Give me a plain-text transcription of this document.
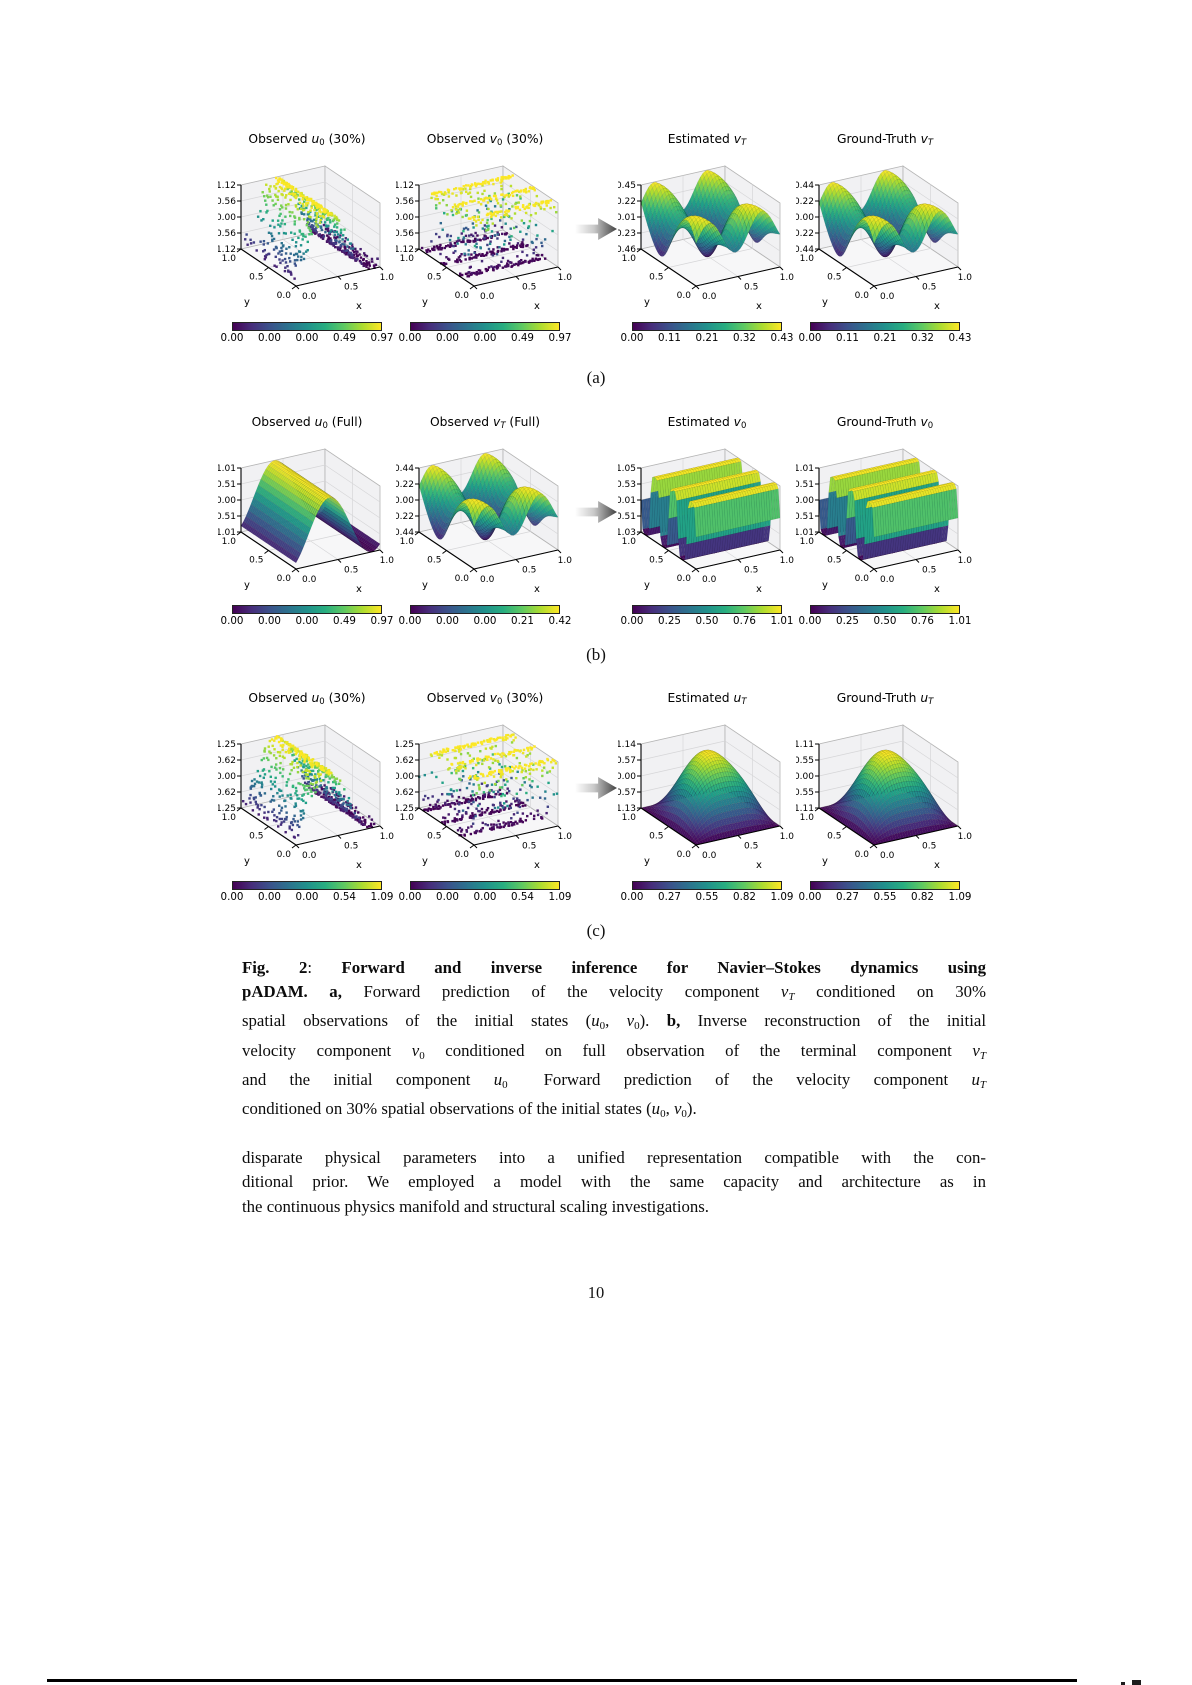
Observed u0 (30%)
0.00 0.00 0.00 0.49 0.97
Observed v0 (30%)
0.00 0.00 0.00 0.49 0.97
Estimated vT
0.00 0.11 0.21 0.32 0.43
Ground-Truth vT
0.00 0.11 0.21 0.32 0.43
(a)
Observed u0 (Full)
0.00 0.00 0.00 0.49 0.97
Observed vT (Full)
0.00 0.00 0.00 0.21 0.42
Estimated v0
0.00 0.25 0.50 0.76 1.01
Ground-Truth v0
0.00 0.25 0.50 0.76 1.01
(b)
Observed u0 (30%)
0.00 0.00 0.00 0.54 1.09
Observed v0 (30%)
0.00 0.00 0.00 0.54 1.09
Estimated uT
0.00 0.27 0.55 0.82 1.09
Ground-Truth uT
0.00 0.27 0.55 0.82 1.09
(c)
Fig. 2: Forward and inverse inference for Navier–Stokes dynamics using
pADAM. a, Forward prediction of the velocity component vT conditioned on 30%
spatial observations of the initial states (u0, v0). b, Inverse reconstruction of the initial
velocity component v0 conditioned on full observation of the terminal component vT
and the initial component u0 Forward prediction of the velocity component uT
conditioned on 30% spatial observations of the initial states (u0, v0).
disparate physical parameters into a unified representation compatible with the con-
ditional prior. We employed a model with the same capacity and architecture as in
the continuous physics manifold and structural scaling investigations.
10
